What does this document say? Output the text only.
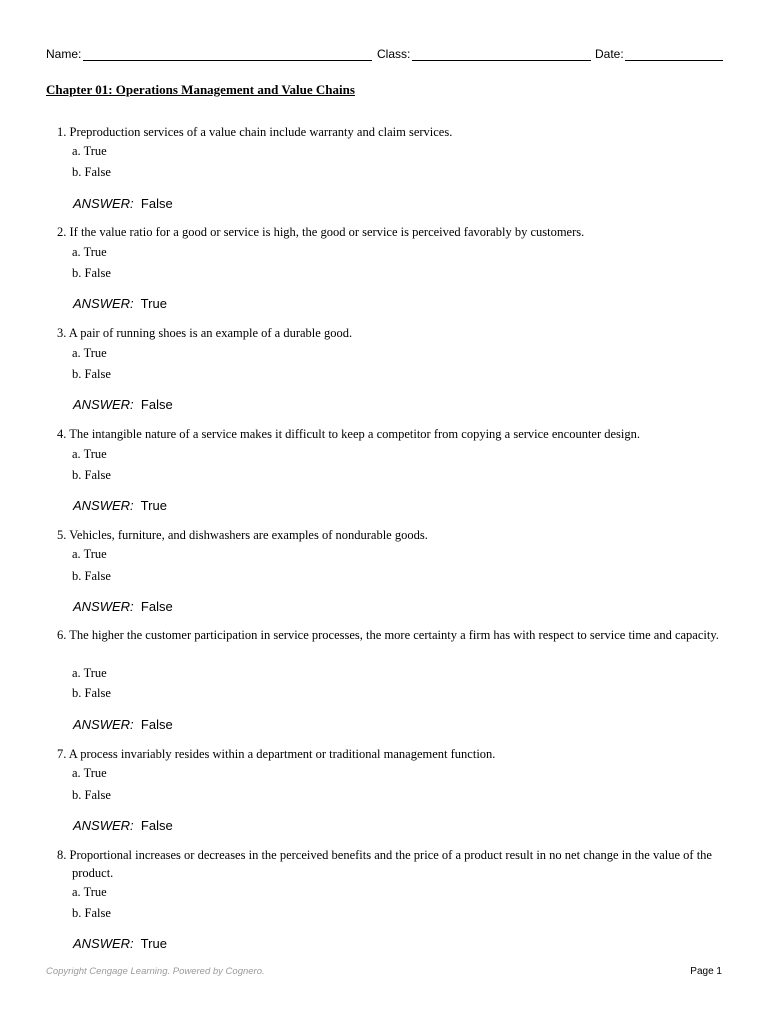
Name:	Class:	Date:
Chapter 01: Operations Management and Value Chains
1. Preproduction services of a value chain include warranty and claim services.
a. True
b. False
ANSWER: False
2. If the value ratio for a good or service is high, the good or service is perceived favorably by customers.
a. True
b. False
ANSWER: True
3. A pair of running shoes is an example of a durable good.
a. True
b. False
ANSWER: False
4. The intangible nature of a service makes it difficult to keep a competitor from copying a service encounter design.
a. True
b. False
ANSWER: True
5. Vehicles, furniture, and dishwashers are examples of nondurable goods.
a. True
b. False
ANSWER: False
6. The higher the customer participation in service processes, the more certainty a firm has with respect to service time and capacity.
a. True
b. False
ANSWER: False
7. A process invariably resides within a department or traditional management function.
a. True
b. False
ANSWER: False
8. Proportional increases or decreases in the perceived benefits and the price of a product result in no net change in the value of the product.
a. True
b. False
ANSWER: True
Copyright Cengage Learning. Powered by Cognero.	Page 1
